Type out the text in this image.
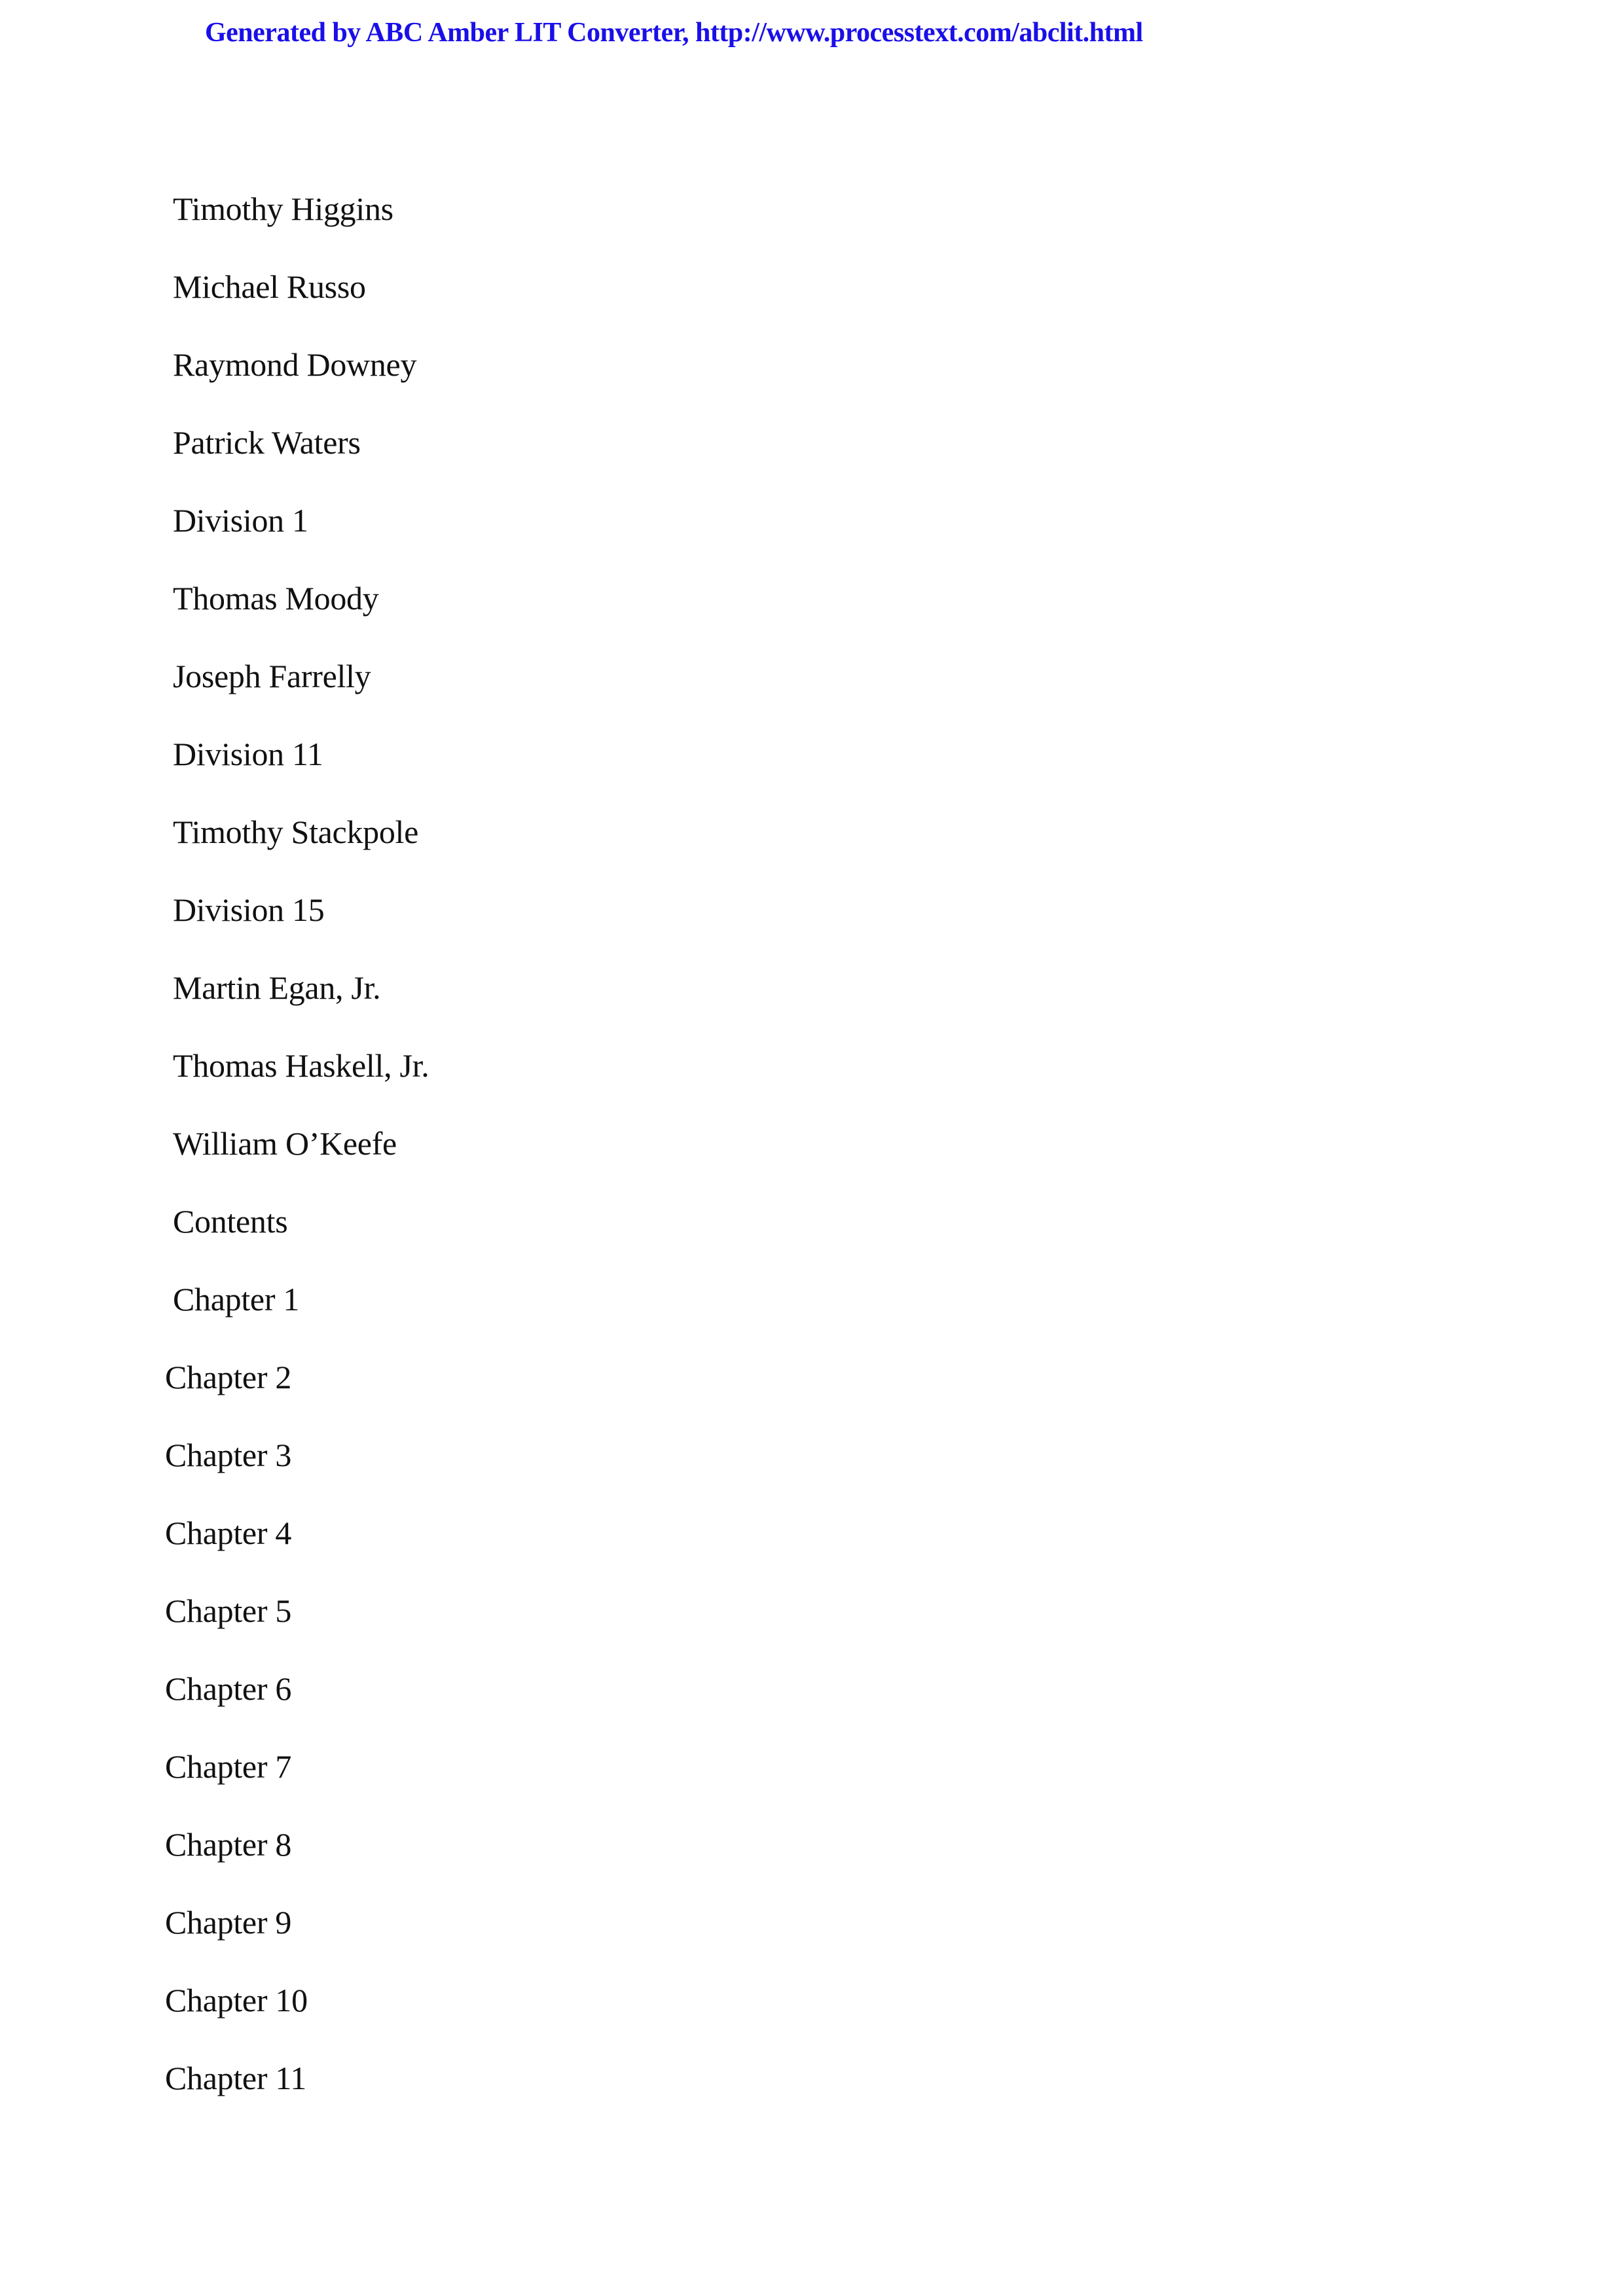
Generated by ABC Amber LIT Converter, http://www.processtext.com/abclit.html
Timothy Higgins
Michael Russo
Raymond Downey
Patrick Waters
Division 1
Thomas Moody
Joseph Farrelly
Division 11
Timothy Stackpole
Division 15
Martin Egan, Jr.
Thomas Haskell, Jr.
William O’Keefe
Contents
Chapter 1
Chapter 2
Chapter 3
Chapter 4
Chapter 5
Chapter 6
Chapter 7
Chapter 8
Chapter 9
Chapter 10
Chapter 11
